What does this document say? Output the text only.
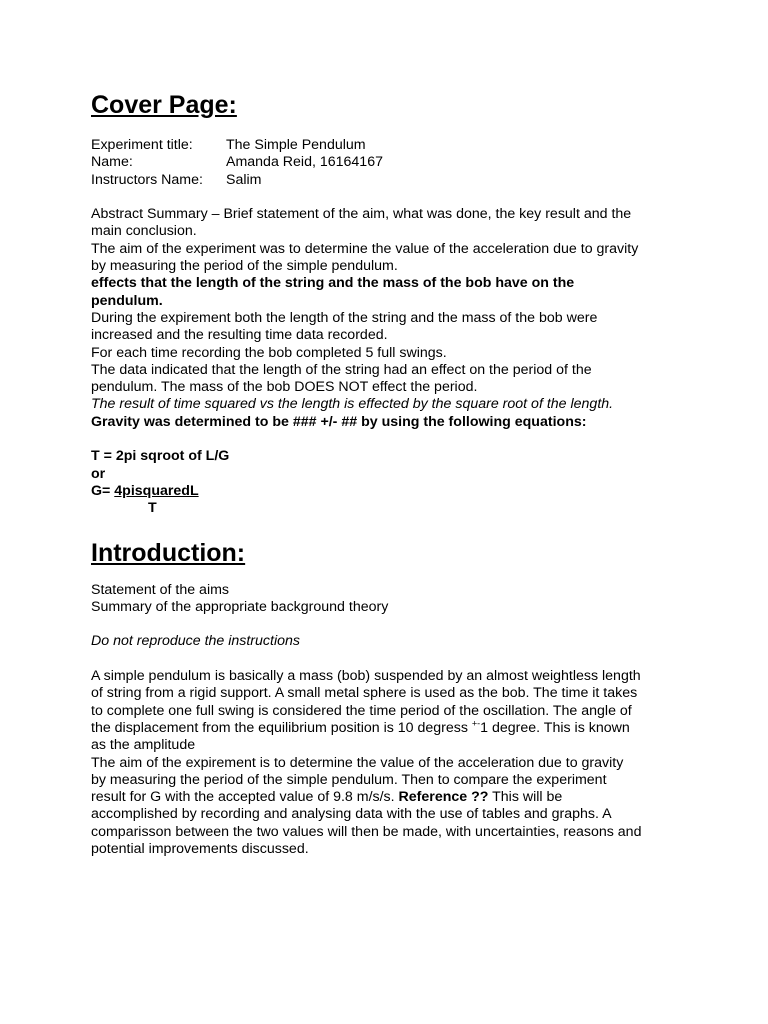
Cover Page:
Experiment title:	The Simple Pendulum
Name:	Amanda Reid, 16164167
Instructors Name:	Salim

Abstract Summary – Brief statement of the aim, what was done, the key result and the

main conclusion.

The aim of the experiment was to determine the value of the acceleration due to gravity

by measuring the period of the simple pendulum.

effects that the length of the string and the mass of the bob have on the

pendulum.

During the expirement both the length of the string and the mass of the bob were

increased and the resulting time data recorded.

For each time recording the bob completed 5 full swings.

The data indicated that the length of the string had an effect on the period of the

pendulum. The mass of the bob DOES NOT effect the period.

The result of time squared vs the length is effected by the square root of the length.

Gravity was determined to be ### +/- ## by using the following equations:

T = 2pi sqroot of L/G

or

G= 4pisquaredL

T

Introduction:

Statement of the aims

Summary of the appropriate background theory

Do not reproduce the instructions

A simple pendulum is basically a mass (bob) suspended by an almost weightless length

of string from a rigid support. A small metal sphere is used as the bob. The time it takes

to complete one full swing is considered the time period of the oscillation. The angle of

the displacement from the equilibrium position is 10 degress +-1 degree. This is known

as the amplitude

The aim of the expirement is to determine the value of the acceleration due to gravity

by measuring the period of the simple pendulum. Then to compare the experiment

result for G with the accepted value of 9.8 m/s/s. Reference ?? This will be

accomplished by recording and analysing data with the use of tables and graphs. A

comparisson between the two values will then be made, with uncertainties, reasons and

potential improvements discussed.
